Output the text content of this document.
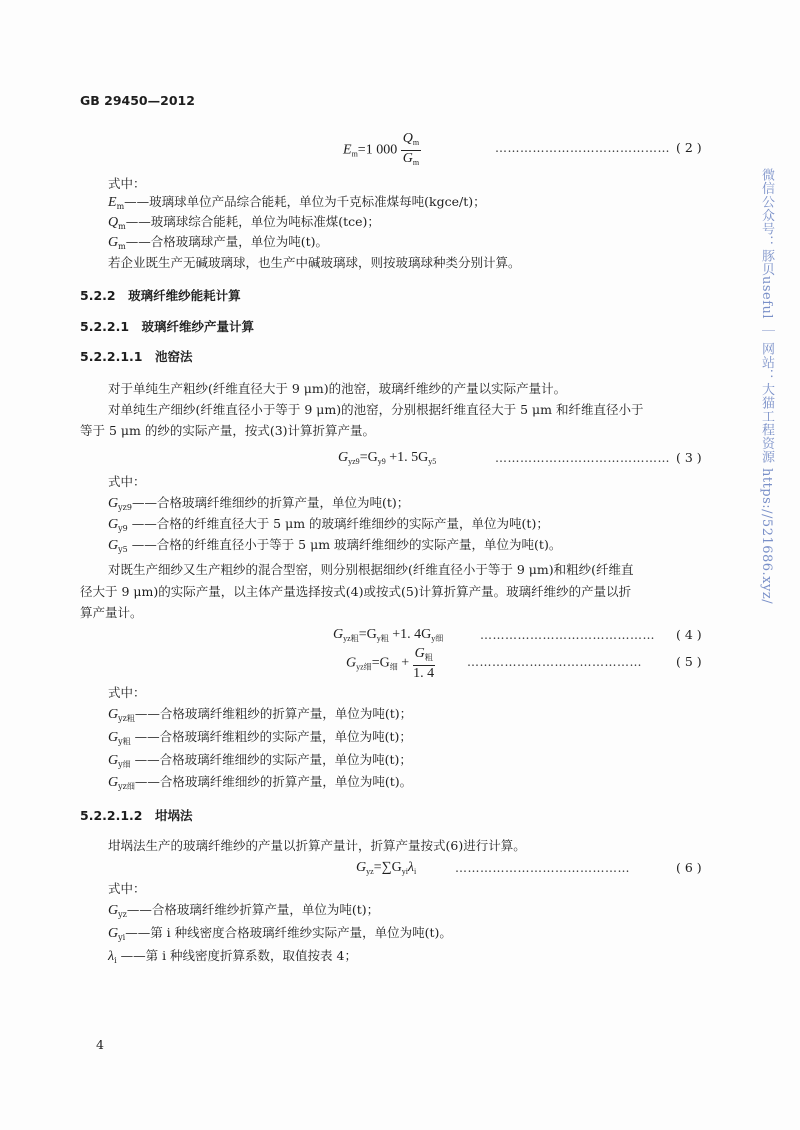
GB 29450—2012
$E_m=1$ $000 \frac{Q_m}{G_m}$	…………………………………… ( 2 )
式中：
$E_m——$玻璃球单位产品综合能耗，单位为千克标准煤每吨(kgce/t)；
$Q_m——$玻璃球综合能耗，单位为吨标准煤(tce)；
$G_m——$合格玻璃球产量，单位为吨(t)。
若企业既生产无碱玻璃球，也生产中碱玻璃球，则按玻璃球种类分别计算。
5.2.2　玻璃纤维纱能耗计算
5.2.2.1　玻璃纤维纱产量计算
5.2.2.1.1　池窑法
对于单纯生产粗纱(纤维直径大于 9 μm)的池窑，玻璃纤维纱的产量以实际产量计。
对单纯生产细纱(纤维直径小于等于 9 μm)的池窑，分别根据纤维直径大于 5 μm 和纤维直径小于
等于 5 μm 的纱的实际产量，按式(3)计算折算产量。
$G_{yz9}=G_{y9} +1$. $5G_{y5}$	…………………………………… ( 3 )
式中：
$G_{yz9}——$合格玻璃纤维细纱的折算产量，单位为吨(t)；
$G_{y9}$ ——合格的纤维直径大于 5 μm 的玻璃纤维细纱的实际产量，单位为吨(t)；
$G_{y5}$ ——合格的纤维直径小于等于 5 μm 玻璃纤维细纱的实际产量，单位为吨(t)。
对既生产细纱又生产粗纱的混合型窑，则分别根据细纱(纤维直径小于等于 9 μm)和粗纱(纤维直
径大于 9 μm)的实际产量，以主体产量选择按式(4)或按式(5)计算折算产量。玻璃纤维纱的产量以折
算产量计。
$G_{yz粗}=G_{y粗} +1$. $4G_{y细}$	…………………………………… ( 4 )
$G_{yz细}=G_细 + \frac{G_粗}{1. 4}$	……………………………………	( 5 )
式中：
$G_{yz粗}——$合格玻璃纤维粗纱的折算产量，单位为吨(t)；
$G_{y粗}$ ——合格玻璃纤维粗纱的实际产量，单位为吨(t)；
$G_{y细}$ ——合格玻璃纤维细纱的实际产量，单位为吨(t)；
$G_{yz细}——$合格玻璃纤维细纱的折算产量，单位为吨(t)。
5.2.2.1.2　坩埚法
坩埚法生产的玻璃纤维纱的产量以折算产量计，折算产量按式(6)进行计算。
$G_{yz}=\sum G_{yi}\lambda_i$	……………………………………	( 6 )
式中：
$G_{yz}——$合格玻璃纤维纱折算产量，单位为吨(t)；
$G_{yi}——$第 i 种线密度合格玻璃纤维纱实际产量，单位为吨(t)。
$\lambda_i$ ——第 i 种线密度折算系数，取值按表 4；
4
微信公众号：豚贝useful ｜ 网站：大猫工程资源 https://521686.xyz/
